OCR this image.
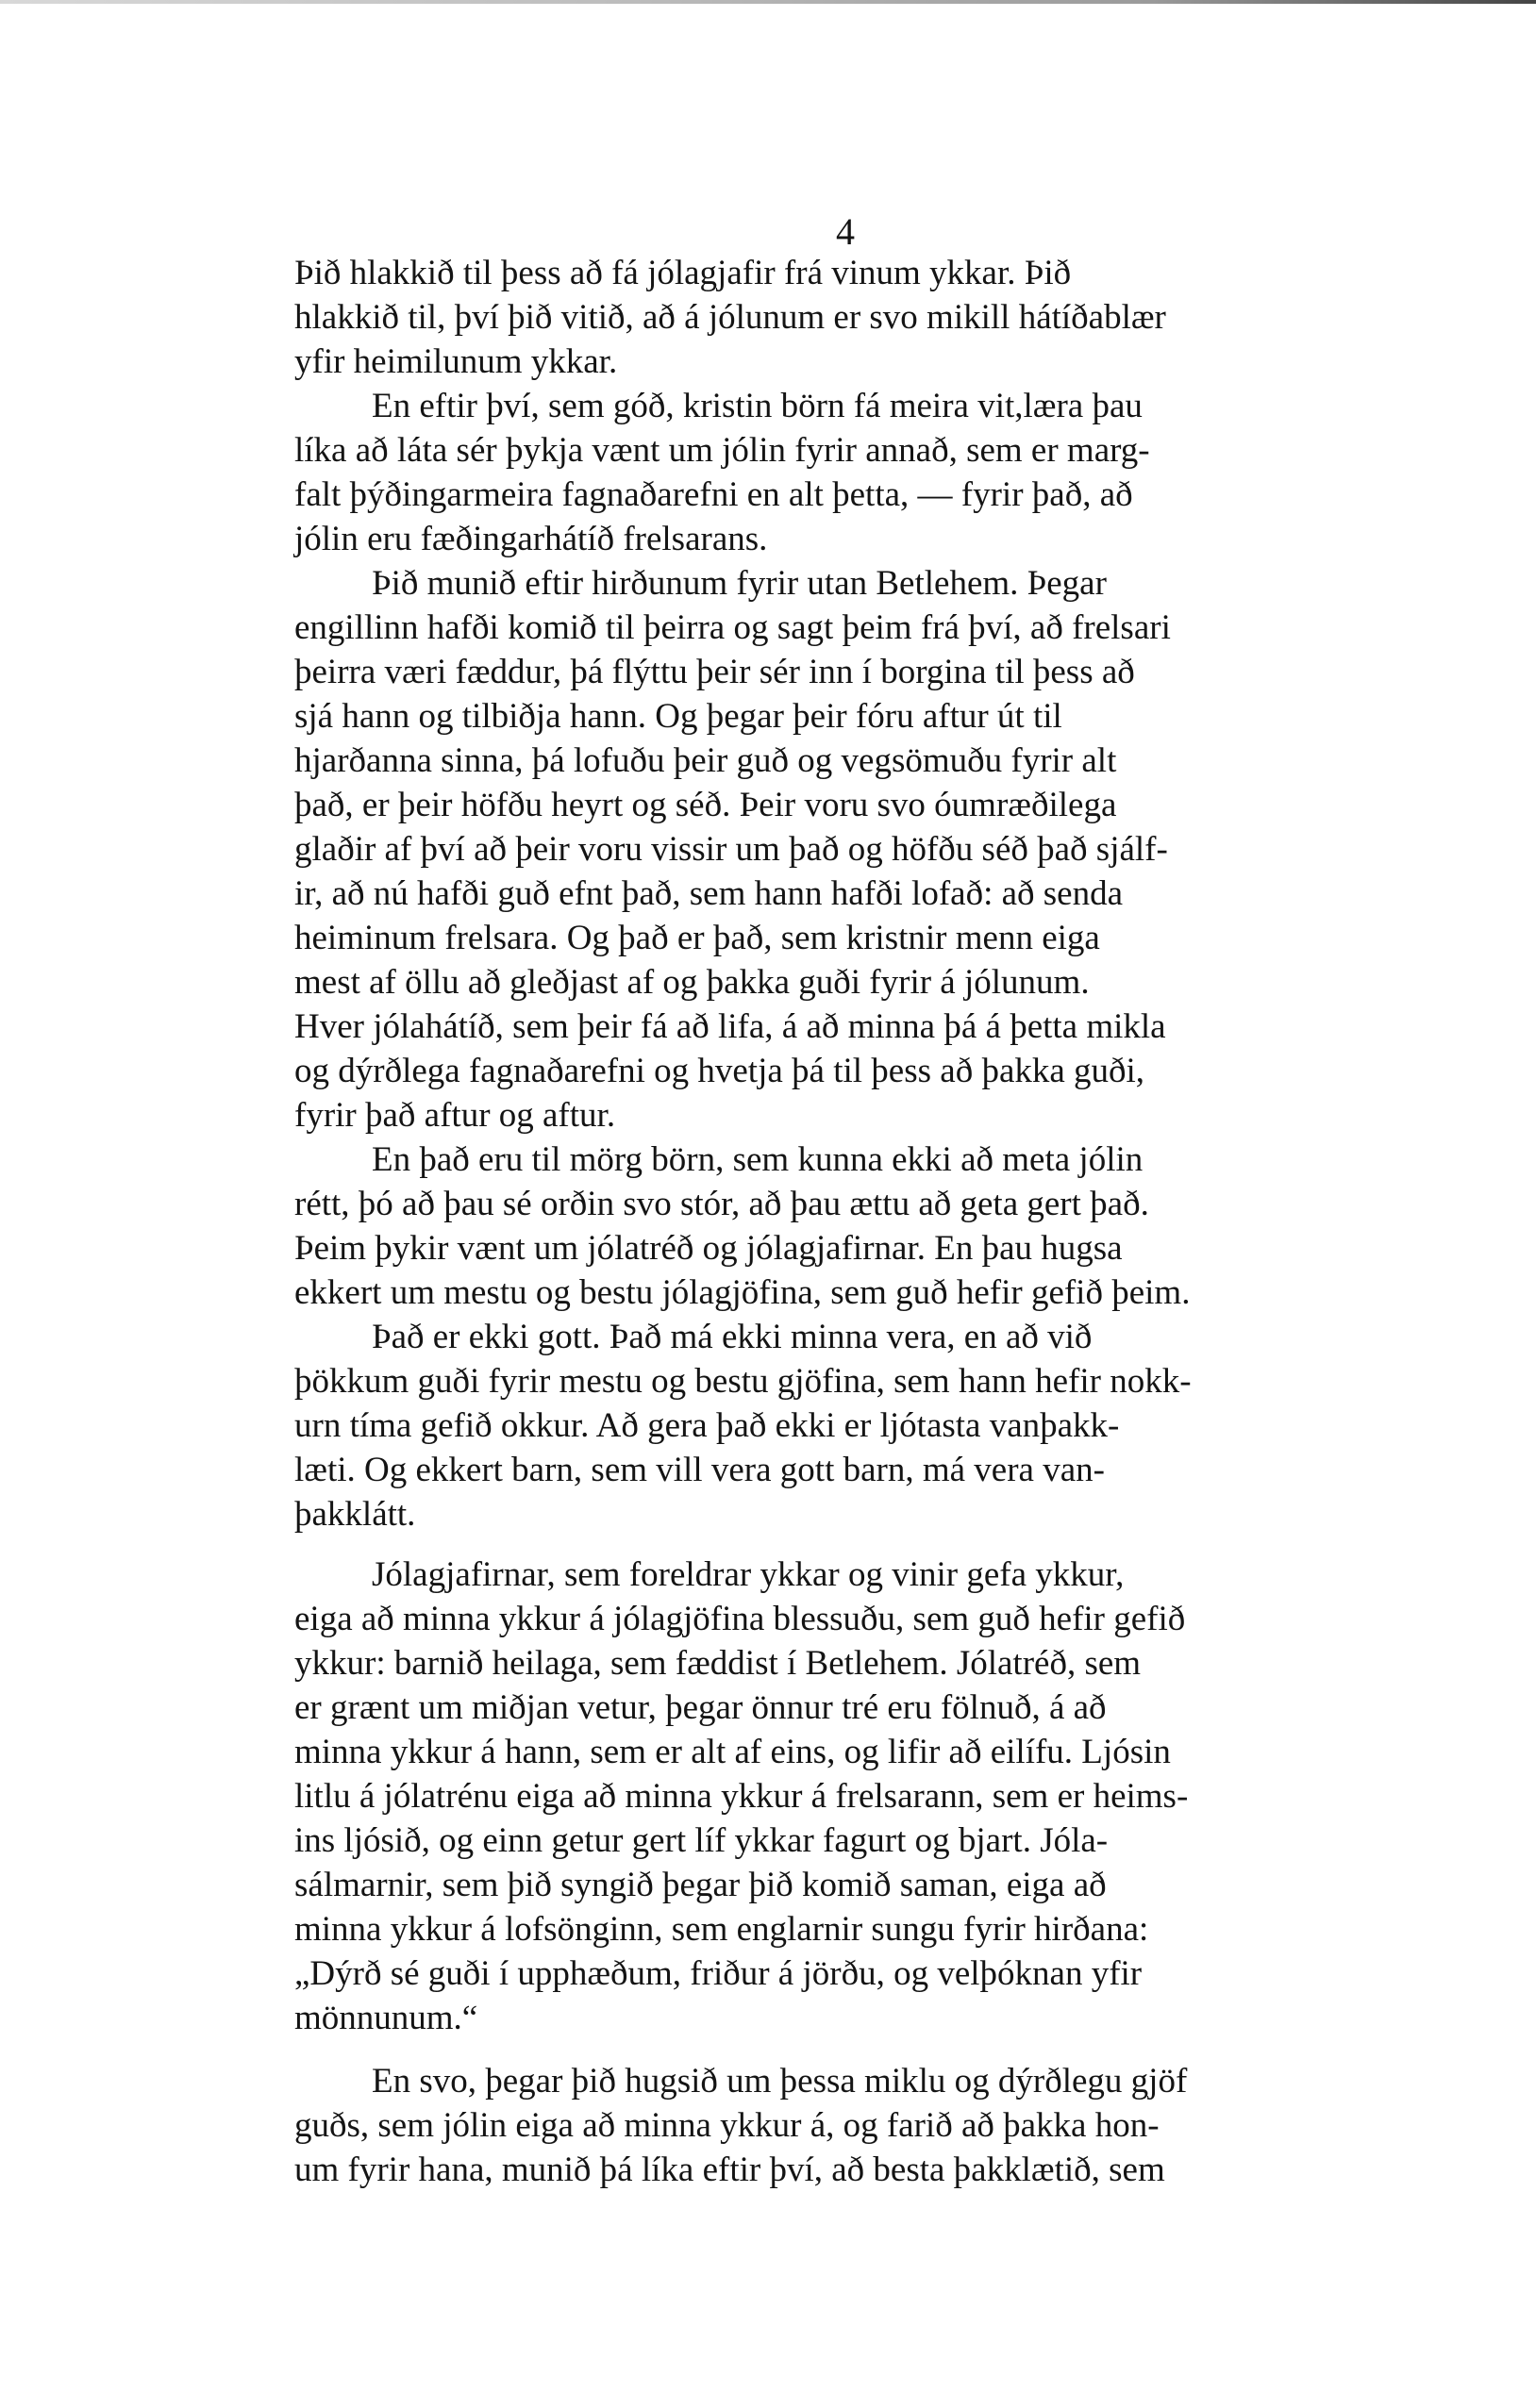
4
Þið hlakkið til þess að fá jólagjafir frá vinum ykkar. Þið
hlakkið til, því þið vitið, að á jólunum er svo mikill hátíðablær
yfir heimilunum ykkar.
En eftir því, sem góð, kristin börn fá meira vit,læra þau
líka að láta sér þykja vænt um jólin fyrir annað, sem er marg-
falt þýðingarmeira fagnaðarefni en alt þetta, — fyrir það, að
jólin eru fæðingarhátíð frelsarans.
Þið munið eftir hirðunum fyrir utan Betlehem. Þegar
engillinn hafði komið til þeirra og sagt þeim frá því, að frelsari
þeirra væri fæddur, þá flýttu þeir sér inn í borgina til þess að
sjá hann og tilbiðja hann. Og þegar þeir fóru aftur út til
hjarðanna sinna, þá lofuðu þeir guð og vegsömuðu fyrir alt
það, er þeir höfðu heyrt og séð. Þeir voru svo óumræðilega
glaðir af því að þeir voru vissir um það og höfðu séð það sjálf-
ir, að nú hafði guð efnt það, sem hann hafði lofað: að senda
heiminum frelsara. Og það er það, sem kristnir menn eiga
mest af öllu að gleðjast af og þakka guði fyrir á jólunum.
Hver jólahátíð, sem þeir fá að lifa, á að minna þá á þetta mikla
og dýrðlega fagnaðarefni og hvetja þá til þess að þakka guði,
fyrir það aftur og aftur.
En það eru til mörg börn, sem kunna ekki að meta jólin
rétt, þó að þau sé orðin svo stór, að þau ættu að geta gert það.
Þeim þykir vænt um jólatréð og jólagjafirnar. En þau hugsa
ekkert um mestu og bestu jólagjöfina, sem guð hefir gefið þeim.
Það er ekki gott. Það má ekki minna vera, en að við
þökkum guði fyrir mestu og bestu gjöfina, sem hann hefir nokk-
urn tíma gefið okkur. Að gera það ekki er ljótasta vanþakk-
læti. Og ekkert barn, sem vill vera gott barn, má vera van-
þakklátt.
Jólagjafirnar, sem foreldrar ykkar og vinir gefa ykkur,
eiga að minna ykkur á jólagjöfina blessuðu, sem guð hefir gefið
ykkur: barnið heilaga, sem fæddist í Betlehem. Jólatréð, sem
er grænt um miðjan vetur, þegar önnur tré eru fölnuð, á að
minna ykkur á hann, sem er alt af eins, og lifir að eilífu. Ljósin
litlu á jólatrénu eiga að minna ykkur á frelsarann, sem er heims-
ins ljósið, og einn getur gert líf ykkar fagurt og bjart. Jóla-
sálmarnir, sem þið syngið þegar þið komið saman, eiga að
minna ykkur á lofsönginn, sem englarnir sungu fyrir hirðana:
„Dýrð sé guði í upphæðum, friður á jörðu, og velþóknan yfir
mönnunum.“
En svo, þegar þið hugsið um þessa miklu og dýrðlegu gjöf
guðs, sem jólin eiga að minna ykkur á, og farið að þakka hon-
um fyrir hana, munið þá líka eftir því, að besta þakklætið, sem
